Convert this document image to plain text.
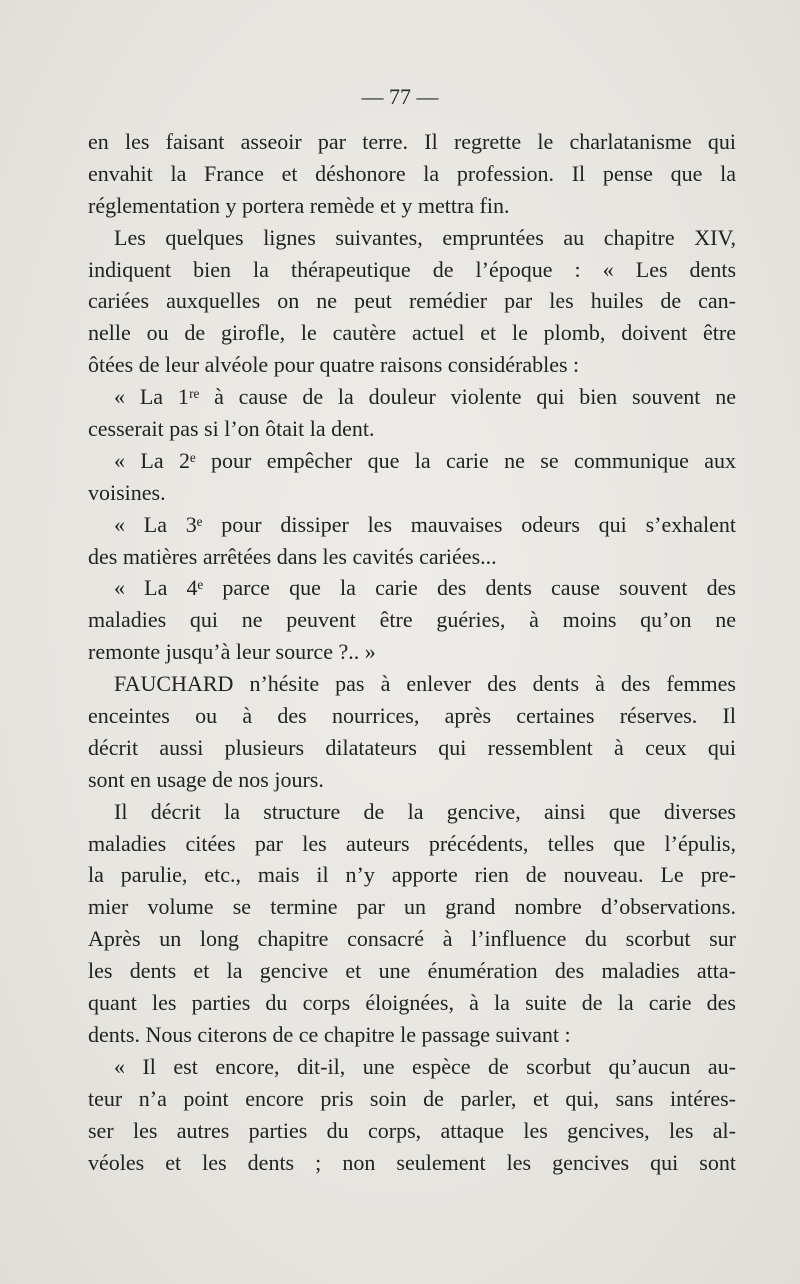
— 77 —
en les faisant asseoir par terre. Il regrette le charlatanisme qui
envahit la France et déshonore la profession. Il pense que la
réglementation y portera remède et y mettra fin.
Les quelques lignes suivantes, empruntées au chapitre XIV,
indiquent bien la thérapeutique de l’époque : « Les dents
cariées auxquelles on ne peut remédier par les huiles de can-
nelle ou de girofle, le cautère actuel et le plomb, doivent être
ôtées de leur alvéole pour quatre raisons considérables :
« La 1ʳᵉ à cause de la douleur violente qui bien souvent ne
cesserait pas si l’on ôtait la dent.
« La 2ᵉ pour empêcher que la carie ne se communique aux
voisines.
« La 3ᵉ pour dissiper les mauvaises odeurs qui s’exhalent
des matières arrêtées dans les cavités cariées...
« La 4ᵉ parce que la carie des dents cause souvent des
maladies qui ne peuvent être guéries, à moins qu’on ne
remonte jusqu’à leur source ?.. »
FAUCHARD n’hésite pas à enlever des dents à des femmes
enceintes ou à des nourrices, après certaines réserves. Il
décrit aussi plusieurs dilatateurs qui ressemblent à ceux qui
sont en usage de nos jours.
Il décrit la structure de la gencive, ainsi que diverses
maladies citées par les auteurs précédents, telles que l’épulis,
la parulie, etc., mais il n’y apporte rien de nouveau. Le pre-
mier volume se termine par un grand nombre d’observations.
Après un long chapitre consacré à l’influence du scorbut sur
les dents et la gencive et une énumération des maladies atta-
quant les parties du corps éloignées, à la suite de la carie des
dents. Nous citerons de ce chapitre le passage suivant :
« Il est encore, dit-il, une espèce de scorbut qu’aucun au-
teur n’a point encore pris soin de parler, et qui, sans intéres-
ser les autres parties du corps, attaque les gencives, les al-
véoles et les dents ; non seulement les gencives qui sont
